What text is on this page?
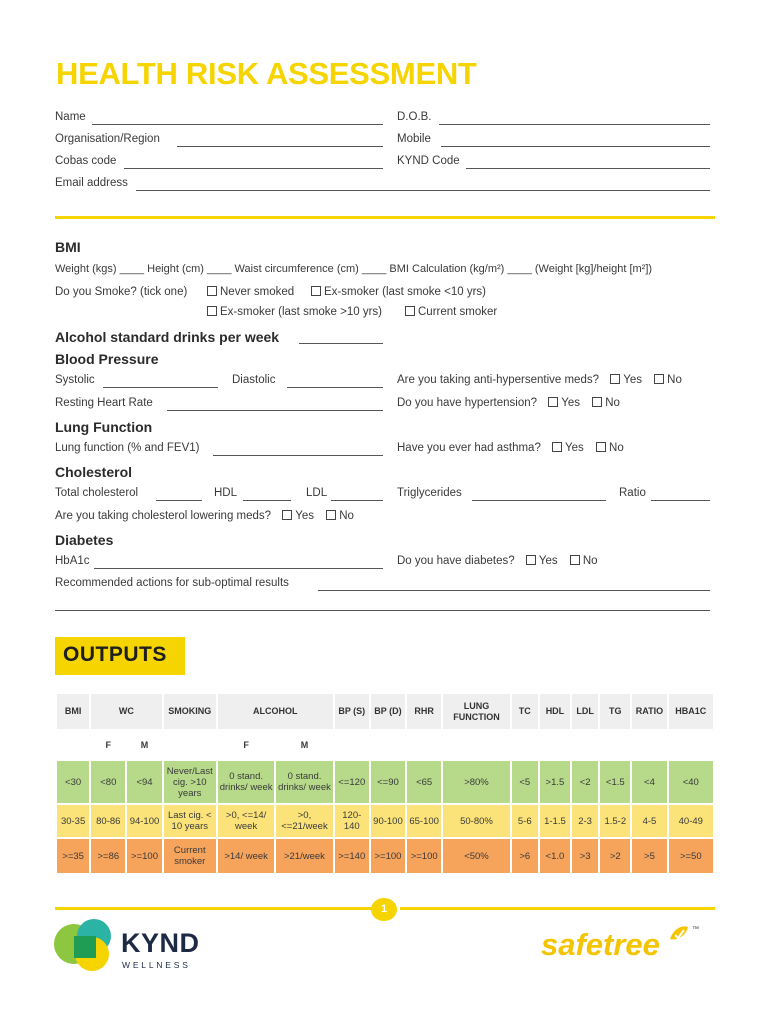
HEALTH RISK ASSESSMENT
Name	D.O.B.
Organisation/Region	Mobile
Cobas code	KYND Code
Email address
BMI
Weight (kgs) ____ Height (cm) ____ Waist circumference (cm) ____ BMI Calculation (kg/m²) ____ (Weight [kg]/height [m²])
Do you Smoke? (tick one)	Never smoked	Ex-smoker (last smoke <10 yrs)
Ex-smoker (last smoke >10 yrs)	Current smoker
Alcohol standard drinks per week
Blood Pressure
Systolic	Diastolic	Are you taking anti-hypersentive meds? Yes No
Resting Heart Rate	Do you have hypertension? Yes No
Lung Function
Lung function (% and FEV1)	Have you ever had asthma? Yes No
Cholesterol
Total cholesterol	HDL	LDL	Triglycerides	Ratio
Are you taking cholesterol lowering meds? Yes No
Diabetes
HbA1c	Do you have diabetes? Yes No
Recommended actions for sub-optimal results
OUTPUTS
BMI	WC		SMOKING	ALCOHOL		BP (S)	BP (D)	RHR	LUNG FUNCTION	TC	HDL	LDL	TG	RATIO	HBA1C
	F	M		F	M										
<30	<80	<94	Never/Last cig. >10 years	0 stand. drinks/ week	0 stand. drinks/ week	<=120	<=90	<65	>80%	<5	>1.5	<2	<1.5	<4	<40
30-35	80-86	94-100	Last cig. < 10 years	>0, <=14/ week	>0, <=21/week	120-140	90-100	65-100	50-80%	5-6	1-1.5	2-3	1.5-2	4-5	40-49
>=35	>=86	>=100	Current smoker	>14/ week	>21/week	>=140	>=100	>=100	<50%	>6	<1.0	>3	>2	>5	>=50
1
KYND
WELLNESS
safetree	™
